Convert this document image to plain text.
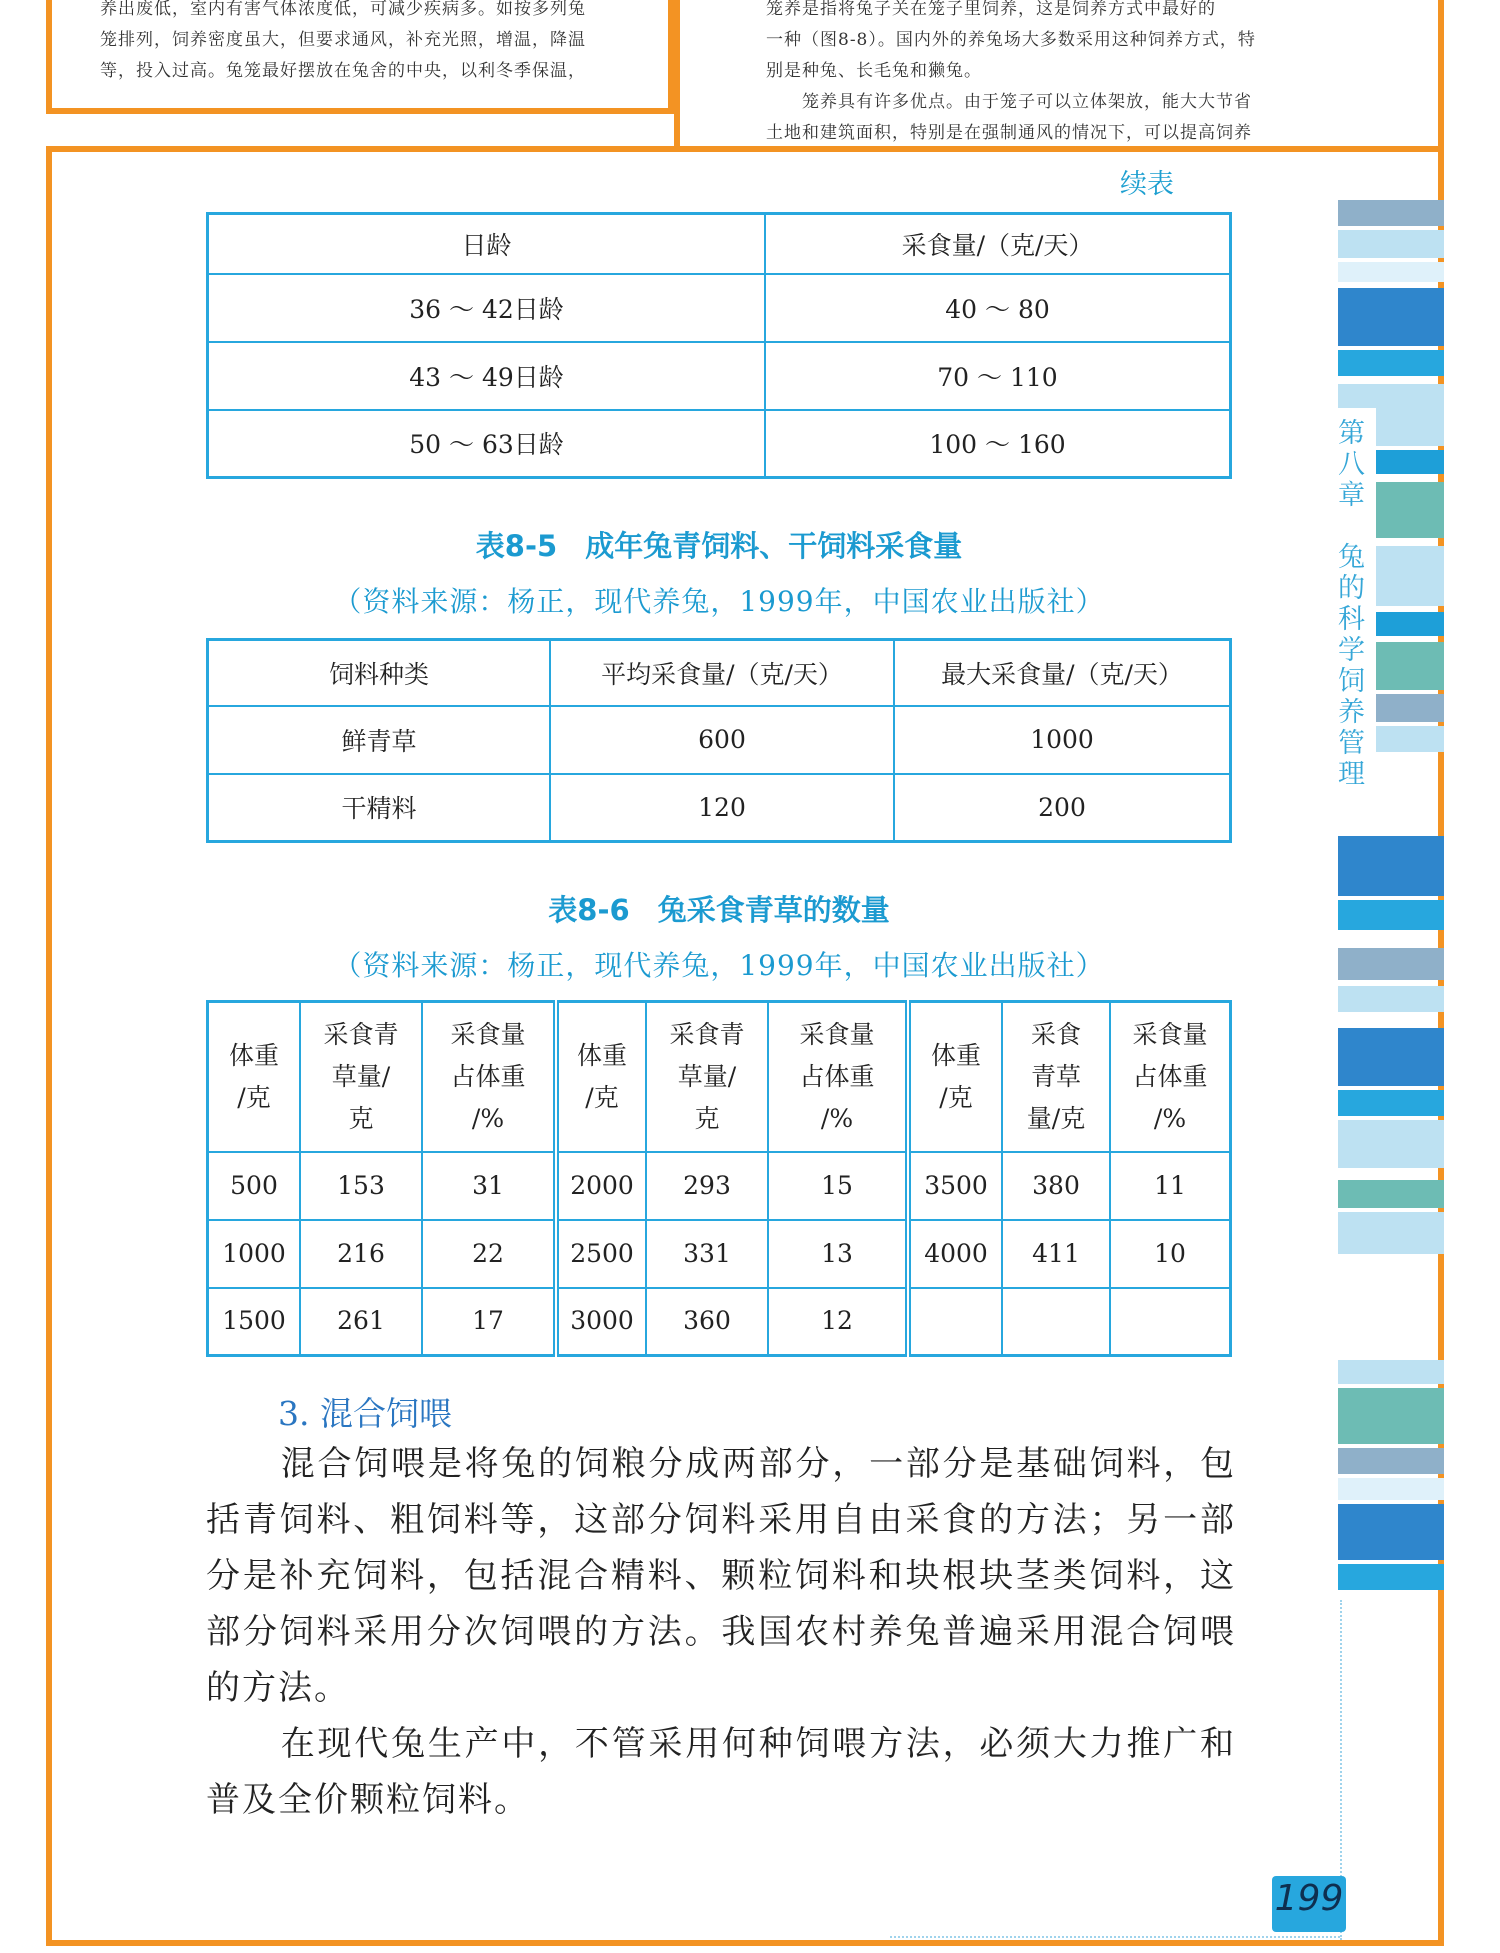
养出废低，室内有害气体浓度低，可减少疾病多。如按多列兔

笼排列，饲养密度虽大，但要求通风，补充光照，增温，降温

等，投入过高。兔笼最好摆放在兔舍的中央，以利冬季保温，

笼养是指将兔子关在笼子里饲养，这是饲养方式中最好的

一种（图8-8）。国内外的养兔场大多数采用这种饲养方式，特

别是种兔、长毛兔和獭兔。

　　笼养具有许多优点。由于笼子可以立体架放，能大大节省

土地和建筑面积，特别是在强制通风的情况下，可以提高饲养

第八章　兔的科学饲养管理
续表
日龄	采食量/（克/天）
36 ～ 42日龄	40 ～ 80
43 ～ 49日龄	70 ～ 110
50 ～ 63日龄	100 ～ 160
表8-5 成年兔青饲料、干饲料采食量
（资料来源：杨正，现代养兔，1999年，中国农业出版社）
饲料种类	平均采食量/（克/天）	最大采食量/（克/天）
鲜青草	600	1000
干精料	120	200
表8-6 兔采食青草的数量
（资料来源：杨正，现代养兔，1999年，中国农业出版社）
体重
/克	采食青
草量/
克	采食量
占体重
/%	体重
/克	采食青
草量/
克	采食量
占体重
/%	体重
/克	采食
青草
量/克	采食量
占体重
/%
500	153	31	2000	293	15	3500	380	11
1000	216	22	2500	331	13	4000	411	10
1500	261	17	3000	360	12			
3. 混合饲喂
混合饲喂是将兔的饲粮分成两部分，一部分是基础饲料，包括青饲料、粗饲料等，这部分饲料采用自由采食的方法；另一部分是补充饲料，包括混合精料、颗粒饲料和块根块茎类饲料，这部分饲料采用分次饲喂的方法。我国农村养兔普遍采用混合饲喂的方法。
在现代兔生产中，不管采用何种饲喂方法，必须大力推广和普及全价颗粒饲料。
199
